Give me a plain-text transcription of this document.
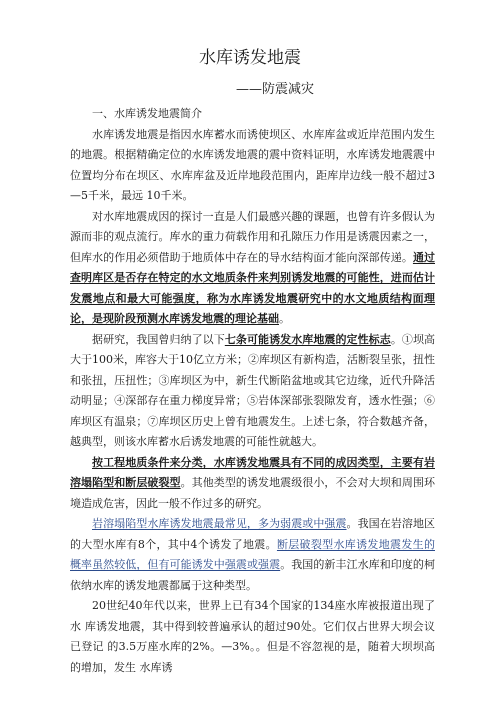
水库诱发地震
——防震减灾

一、水库诱发地震简介

水库诱发地震是指因水库蓄水而诱使坝区、水库库盆或近岸范围内发生的地震。根据精确定位的水库诱发地震的震中资料证明，水库诱发地震震中位置均分布在坝区、水库库盆及近岸地段范围内，距库岸边线一般不超过3—5千米，最远 10千米。

对水库地震成因的探讨一直是人们最感兴趣的课题，也曾有许多假认为源而非的观点流行。库水的重力荷载作用和孔隙压力作用是诱震因素之一，但库水的作用必须借助于地质体中存在的导水结构面才能向深部传递。通过查明库区是否存在特定的水文地质条件来判别诱发地震的可能性，进而估计发震地点和最大可能强度，称为水库诱发地震研究中的水文地质结构面理论，是现阶段预测水库诱发地震的理论基础。

据研究，我国曾归纳了以下七条可能诱发水库地震的定性标志。①坝高大于100米，库容大于10亿立方米；②库坝区有新构造，活断裂呈张，扭性和张扭，压扭性；③库坝区为中，新生代断陷盆地或其它边缘，近代升降活动明显；④深部存在重力梯度异常；⑤岩体深部张裂隙发育，透水性强；⑥库坝区有温泉；⑦库坝区历史上曾有地震发生。上述七条，符合数越齐备，越典型，则该水库蓄水后诱发地震的可能性就越大。

按工程地质条件来分类，水库诱发地震具有不同的成因类型，主要有岩溶塌陷型和断层破裂型。其他类型的诱发地震级很小，不会对大坝和周围环境造成危害，因此一般不作过多的研究。

岩溶塌陷型水库诱发地震最常见，多为弱震或中强震。我国在岩溶地区的大型水库有8个，其中4个诱发了地震。断层破裂型水库诱发地震发生的概率虽然较低，但有可能诱发中强震或强震。我国的新丰江水库和印度的柯依纳水库的诱发地震都属于这种类型。

20世纪40年代以来，世界上已有34个国家的134座水库被报道出现了水 库诱发地震，其中得到较普遍承认的超过90处。它们仅占世界大坝会议已登记 的3.5万座水库的2%。—3%。。但是不容忽视的是，随着大坝坝高的增加，发生 水库诱
